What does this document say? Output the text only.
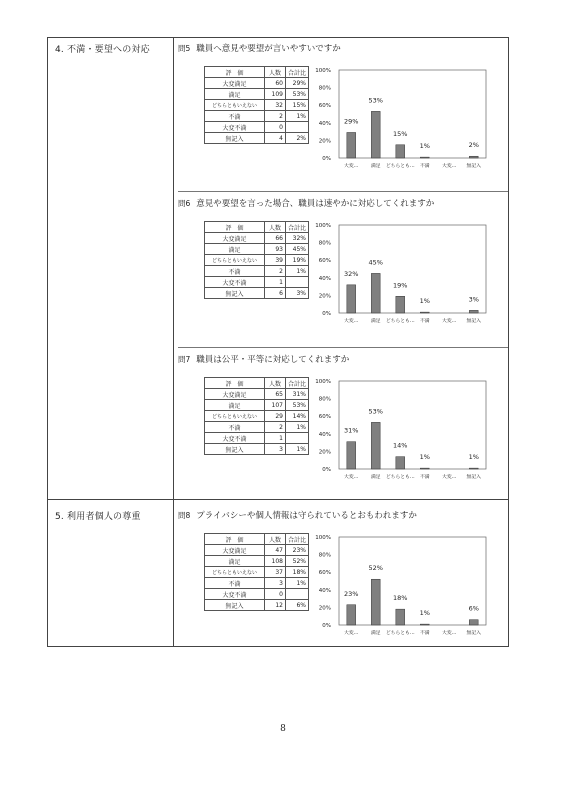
4. 不満・要望への対応
5. 利用者個人の尊重
問5 職員へ意見や要望が言いやすいですか
評　価	人数	合計比
大変満足	60	29%
満足	109	53%
どちらともいえない	32	15%
不満	2	1%
大変不満	0	
無記入	4	2%
0%
20%
40%
60%
80%
100%
29%
大変…
53%
満足
15%
どちらとも…
1%
不満	大変…
2%
無記入
問6 意見や要望を言った場合、職員は速やかに対応してくれますか
評　価	人数	合計比
大変満足	66	32%
満足	93	45%
どちらともいえない	39	19%
不満	2	1%
大変不満	1	
無記入	6	3%
0%
20%
40%
60%
80%
100%
32%
大変…
45%
満足
19%
どちらとも…
1%
不満	大変…
3%
無記入
問7 職員は公平・平等に対応してくれますか
評　価	人数	合計比
大変満足	65	31%
満足	107	53%
どちらともいえない	29	14%
不満	2	1%
大変不満	1	
無記入	3	1%
0%
20%
40%
60%
80%
100%
31%
大変…
53%
満足
14%
どちらとも…
1%
不満	大変…
1%
無記入
問8 プライバシーや個人情報は守られているとおもわれますか
評　価	人数	合計比
大変満足	47	23%
満足	108	52%
どちらともいえない	37	18%
不満	3	1%
大変不満	0	
無記入	12	6%
0%
20%
40%
60%
80%
100%
23%
大変…
52%
満足
18%
どちらとも…
1%
不満	大変…
6%
無記入
8
